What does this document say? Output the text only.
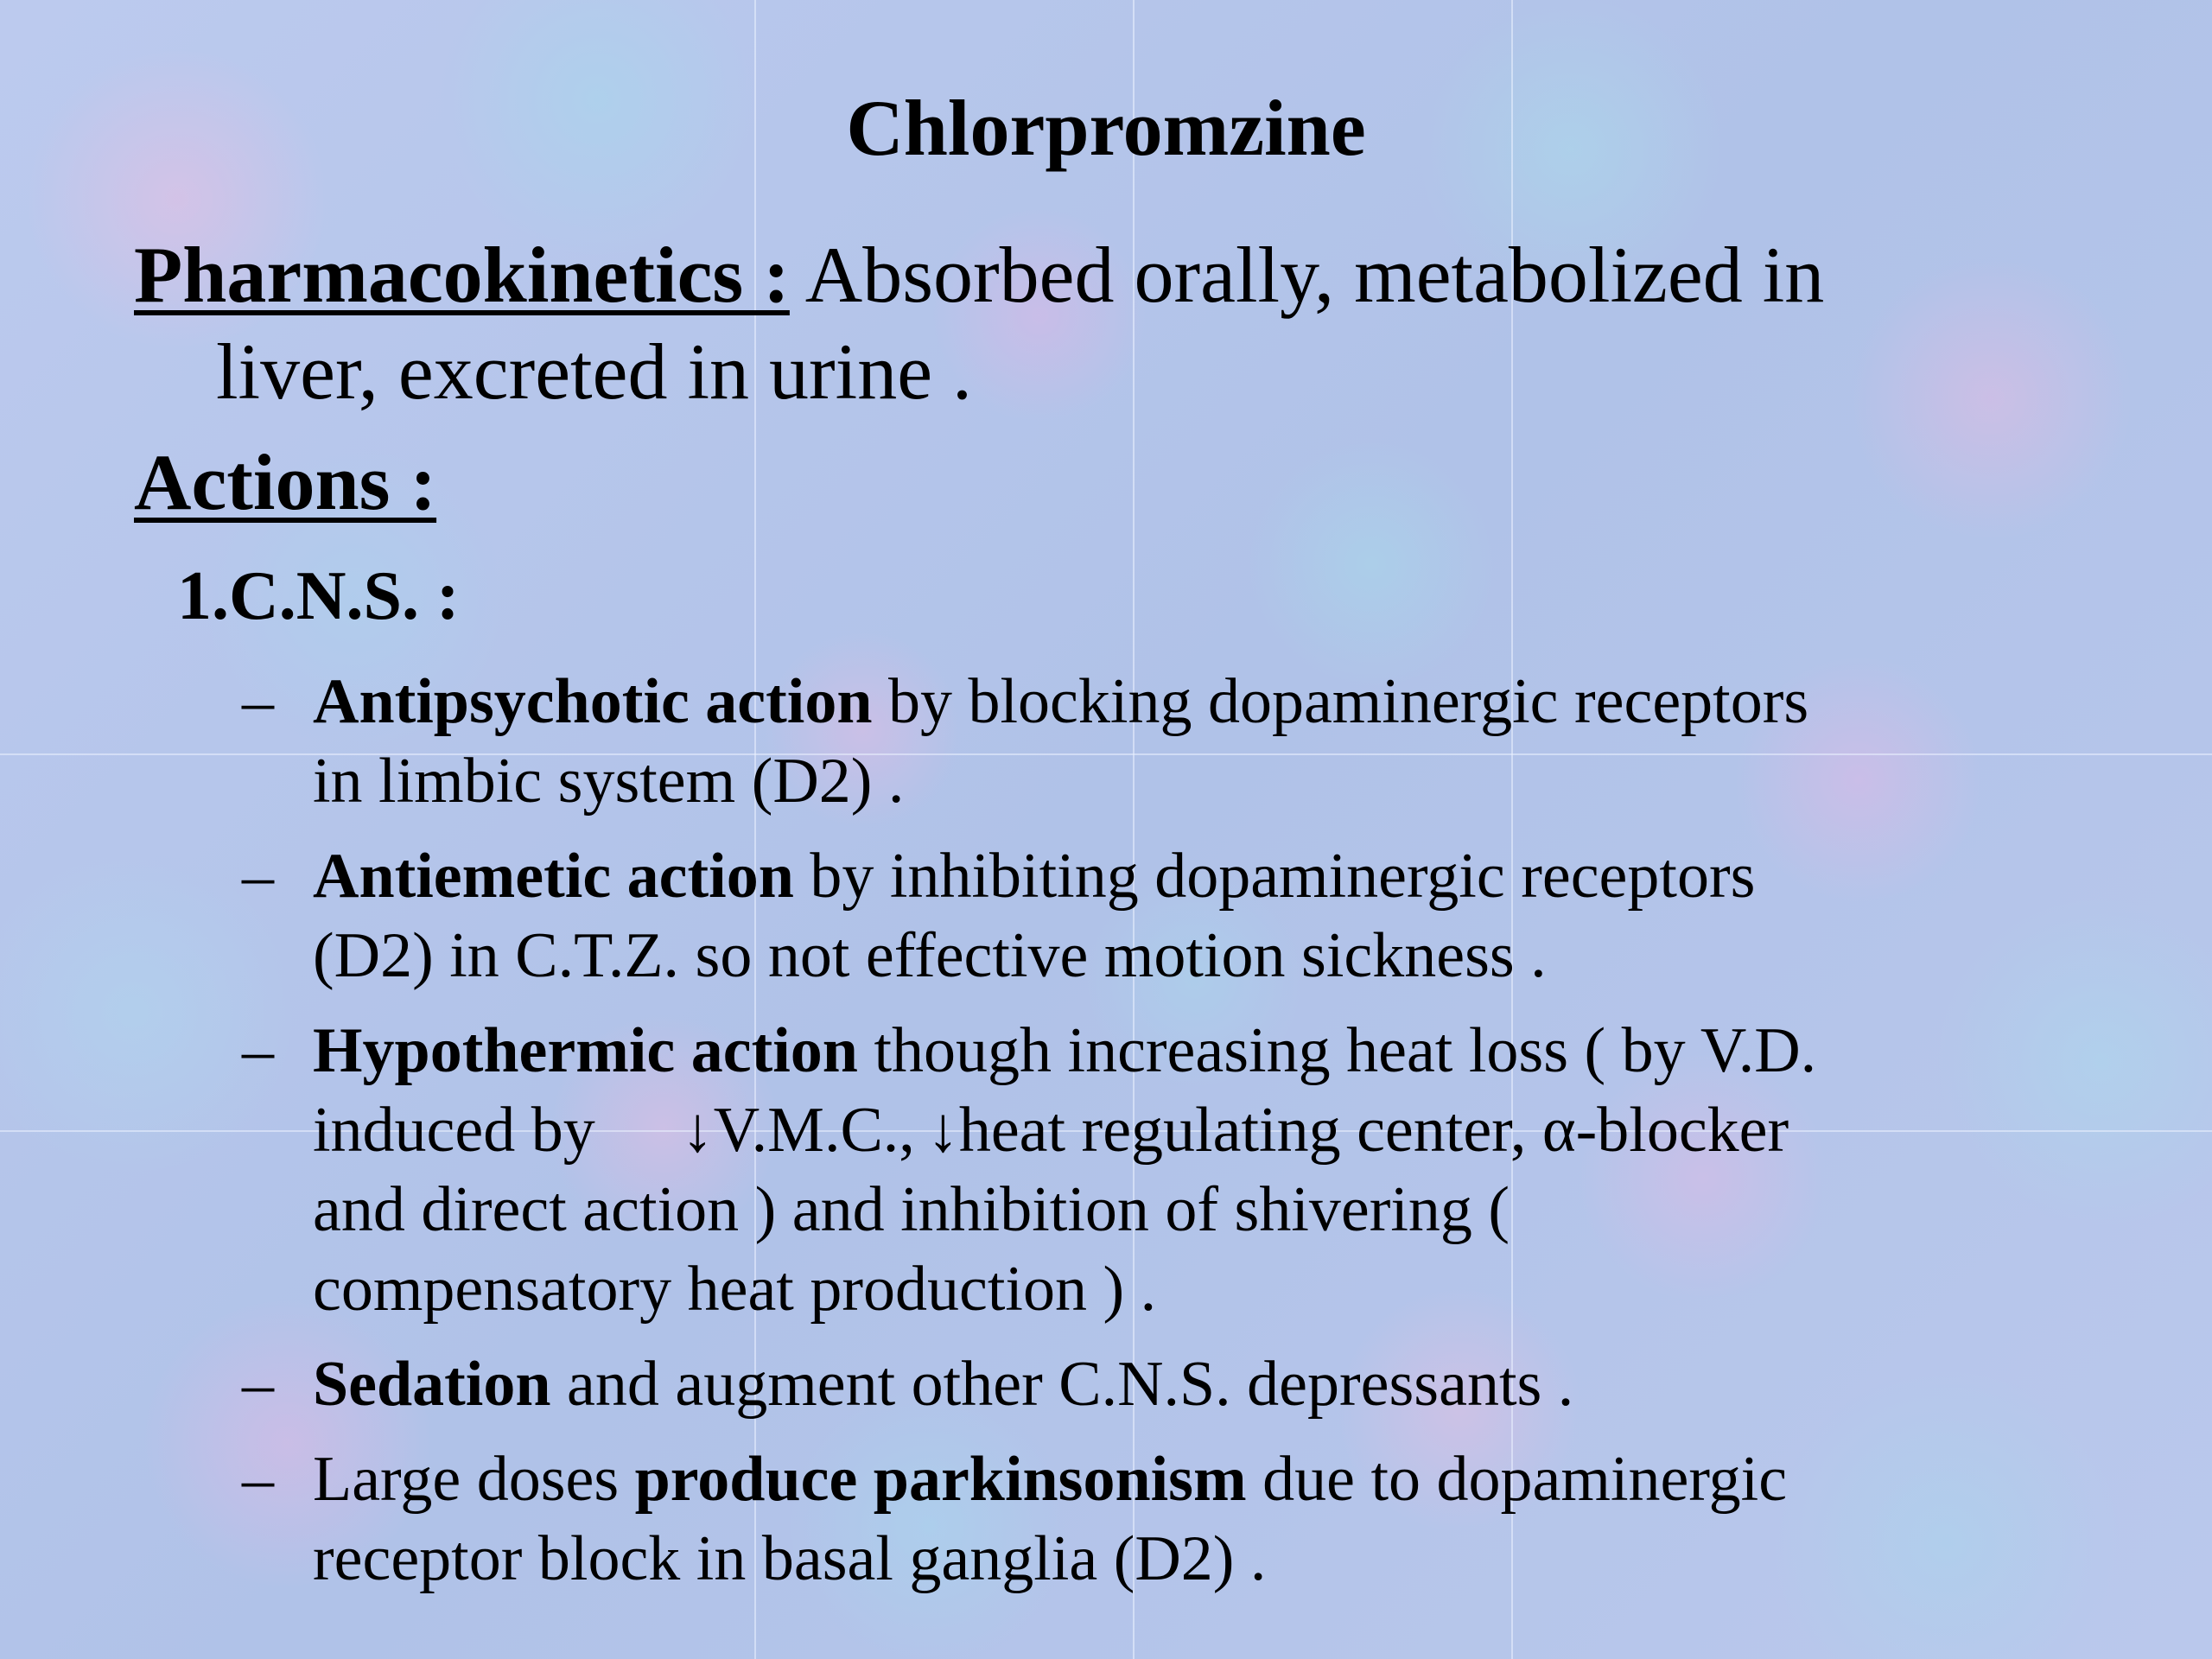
Chlorpromzine
Pharmacokinetics : Absorbed orally, metabolized in
liver, excreted in urine .
Actions :
1.C.N.S. :
– Antipsychotic action by blocking dopaminergic receptors
in limbic system (D2) .
– Antiemetic action by inhibiting dopaminergic receptors
(D2) in C.T.Z. so not effective motion sickness .
– Hypothermic action though increasing heat loss ( by V.D.
induced by ↓V.M.C., ↓heat regulating center, α-blocker
and direct action ) and inhibition of shivering (
compensatory heat production ) .
– Sedation and augment other C.N.S. depressants .
– Large doses produce parkinsonism due to dopaminergic
receptor block in basal ganglia (D2) .
